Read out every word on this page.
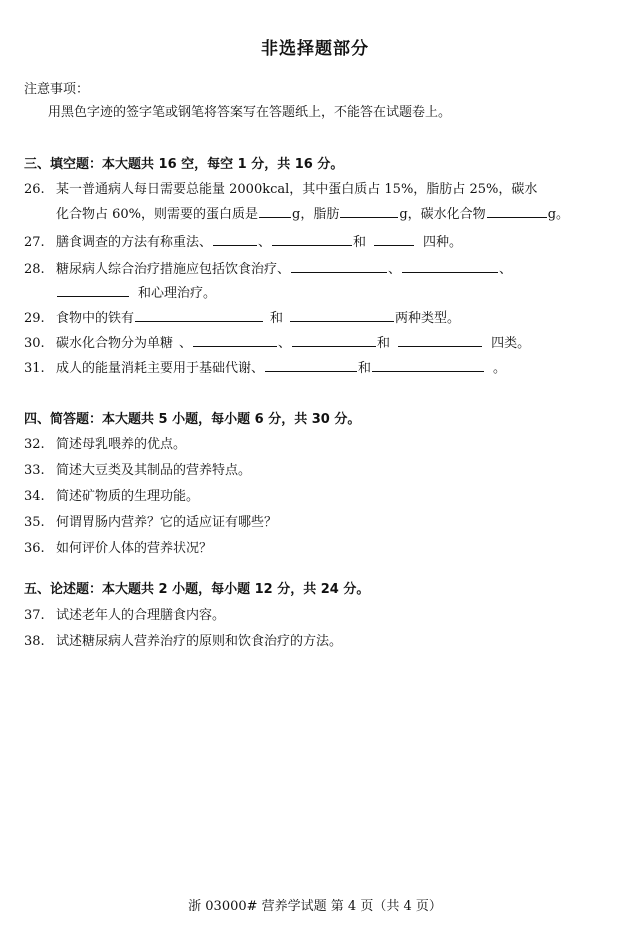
非选择题部分
注意事项：
用黑色字迹的签字笔或钢笔将答案写在答题纸上，不能答在试题卷上。
三、填空题：本大题共 16 空，每空 1 分，共 16 分。
26. 某一普通病人每日需要总能量 2000kcal，其中蛋白质占 15%，脂肪占 25%，碳水
化合物占 60%，则需要的蛋白质是	g，脂肪	g，碳水化合物	g。
27. 膳食调查的方法有称重法、	、	和	四种。
28. 糖尿病人综合治疗措施应包括饮食治疗、	、	、
和心理治疗。
29. 食物中的铁有	和	两种类型。
30. 碳水化合物分为单糖 、	、	和	四类。
31. 成人的能量消耗主要用于基础代谢、	和	。
四、简答题：本大题共 5 小题，每小题 6 分，共 30 分。
32. 简述母乳喂养的优点。
33. 简述大豆类及其制品的营养特点。
34. 简述矿物质的生理功能。
35. 何谓胃肠内营养？它的适应证有哪些？
36. 如何评价人体的营养状况？
五、论述题：本大题共 2 小题，每小题 12 分，共 24 分。
37. 试述老年人的合理膳食内容。
38. 试述糖尿病人营养治疗的原则和饮食治疗的方法。
浙 03000# 营养学试题 第 4 页（共 4 页）
